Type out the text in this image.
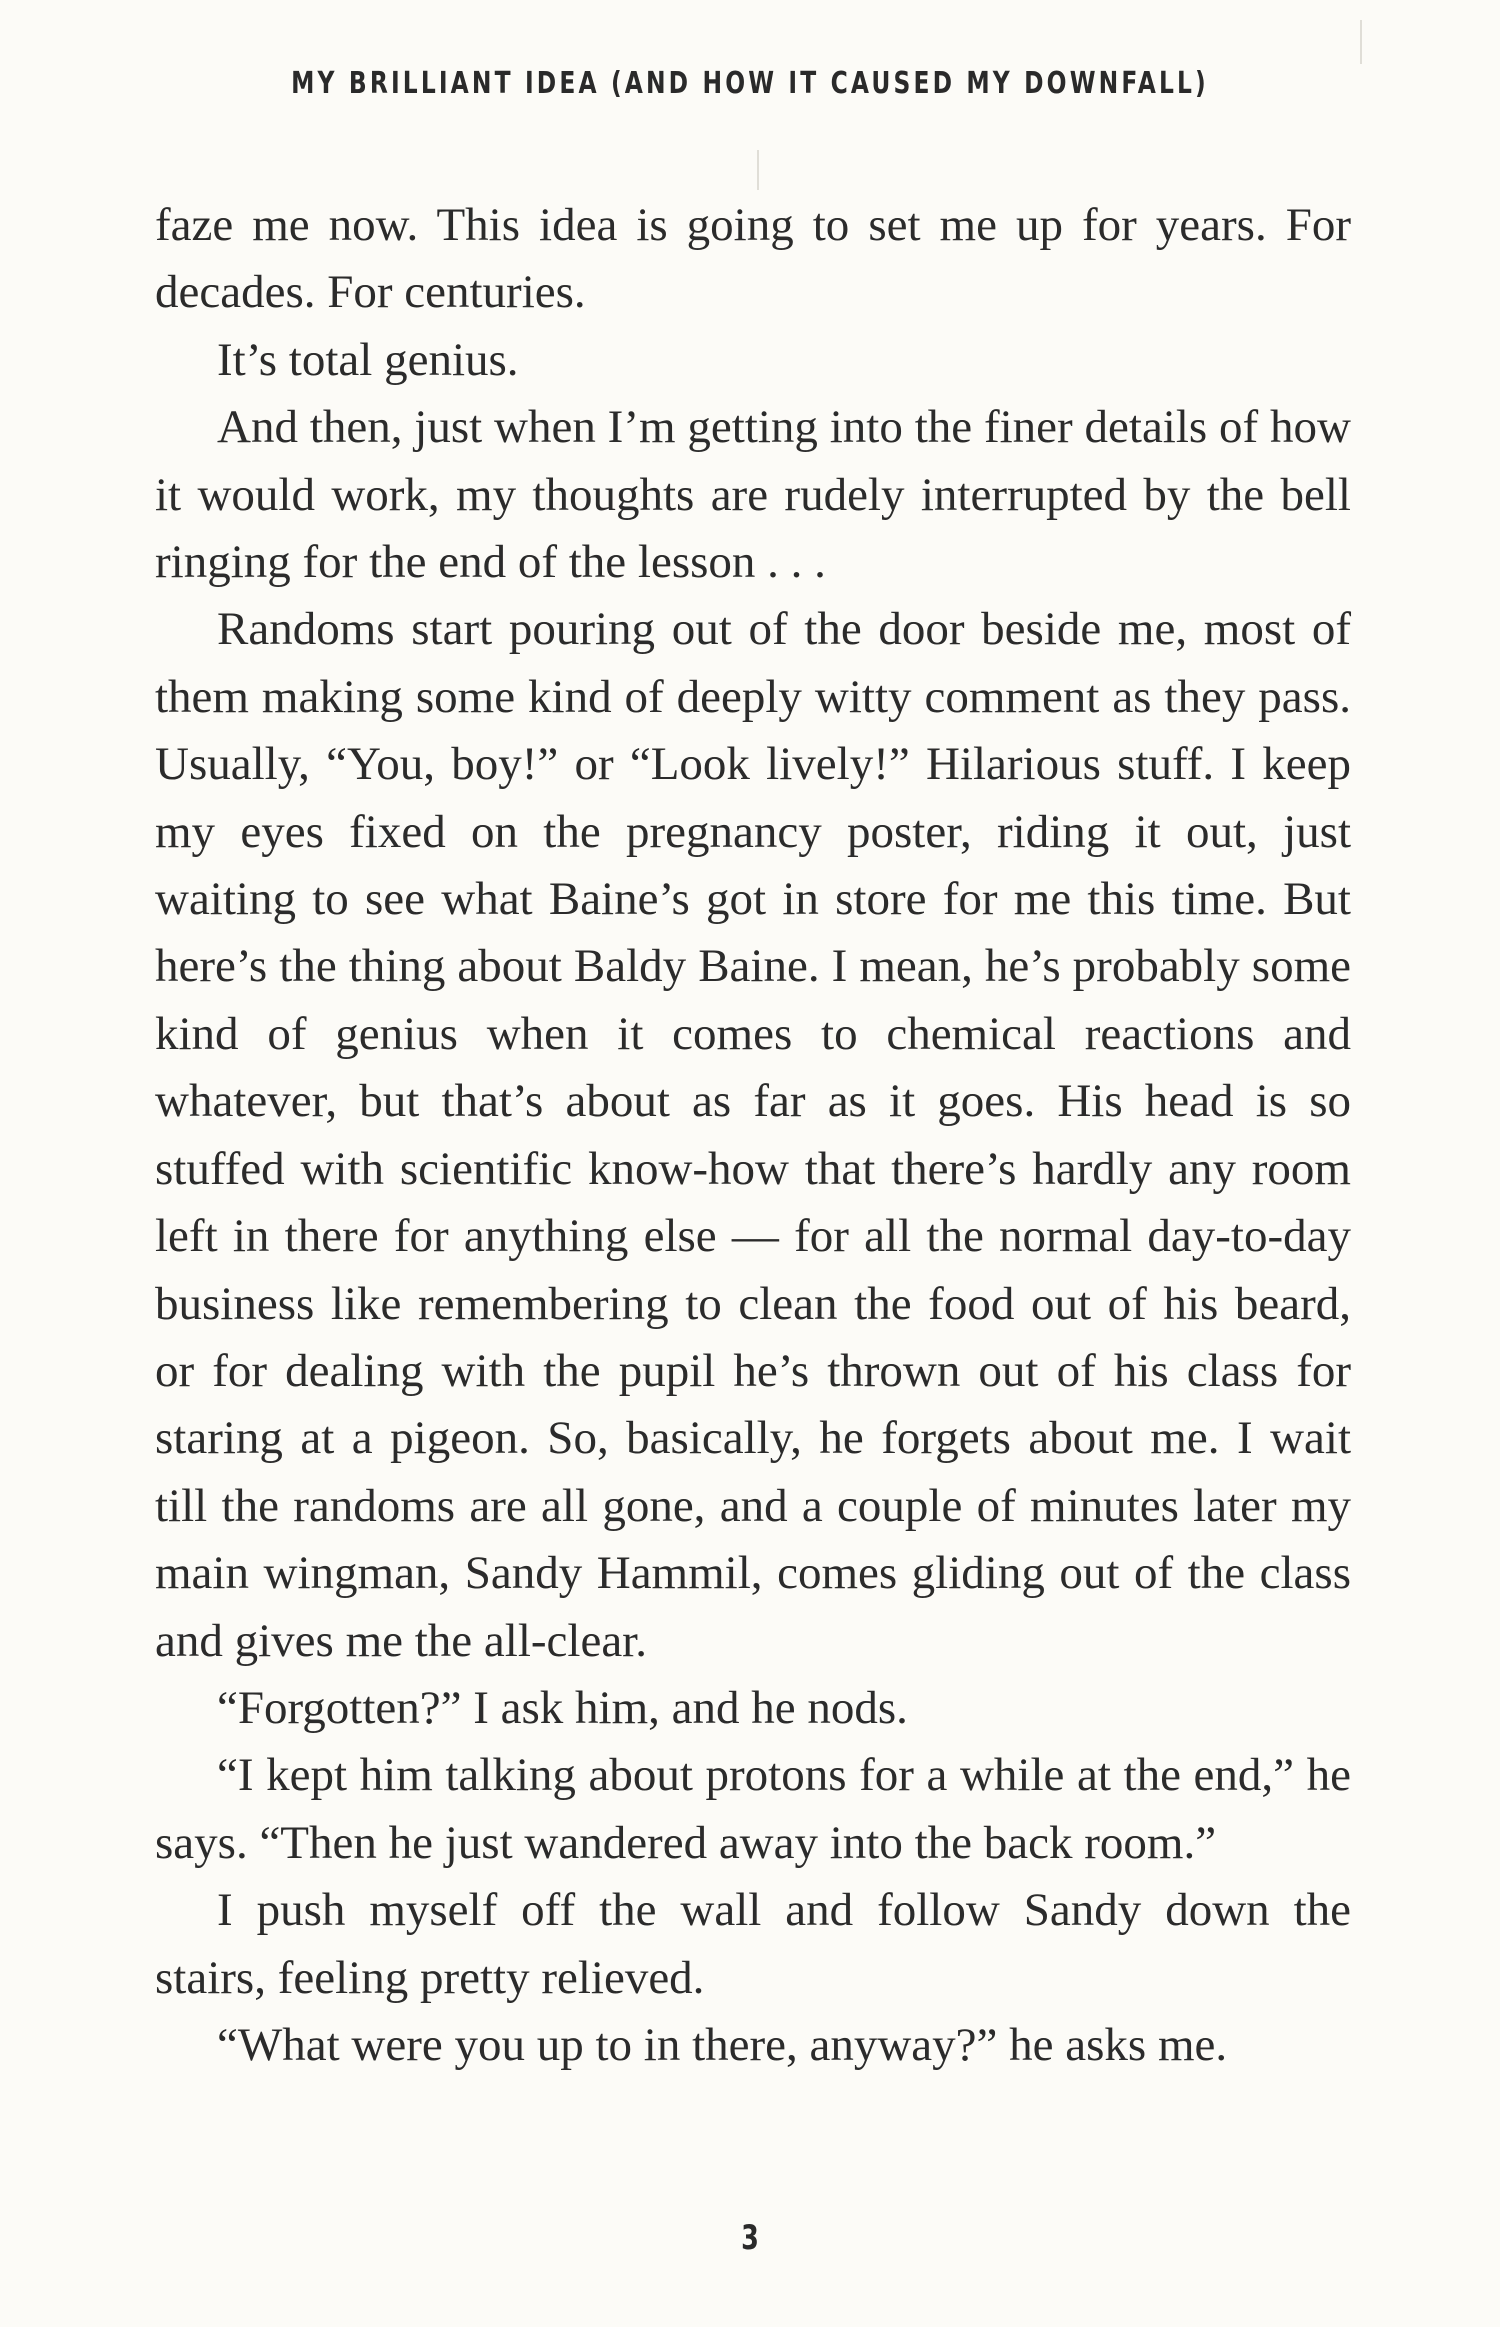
MY BRILLIANT IDEA (AND HOW IT CAUSED MY DOWNFALL)

faze me now. This idea is going to set me up for years. For decades. For centuries.

It’s total genius.

And then, just when I’m getting into the finer details of how it would work, my thoughts are rudely interrupted by the bell ringing for the end of the lesson . . .

Randoms start pouring out of the door beside me, most of them making some kind of deeply witty comment as they pass. Usually, “You, boy!” or “Look lively!” Hilarious stuff. I keep my eyes fixed on the pregnancy poster, riding it out, just waiting to see what Baine’s got in store for me this time. But here’s the thing about Baldy Baine. I mean, he’s probably some kind of genius when it comes to chemical reactions and whatever, but that’s about as far as it goes. His head is so stuffed with scientific know-how that there’s hardly any room left in there for anything else — for all the normal day-to-day business like remembering to clean the food out of his beard, or for dealing with the pupil he’s thrown out of his class for staring at a pigeon. So, basically, he forgets about me. I wait till the randoms are all gone, and a couple of minutes later my main wingman, Sandy Hammil, comes gliding out of the class and gives me the all-clear.

“Forgotten?” I ask him, and he nods.

“I kept him talking about protons for a while at the end,” he says. “Then he just wandered away into the back room.”

I push myself off the wall and follow Sandy down the stairs, feeling pretty relieved.

“What were you up to in there, anyway?” he asks me.

3
